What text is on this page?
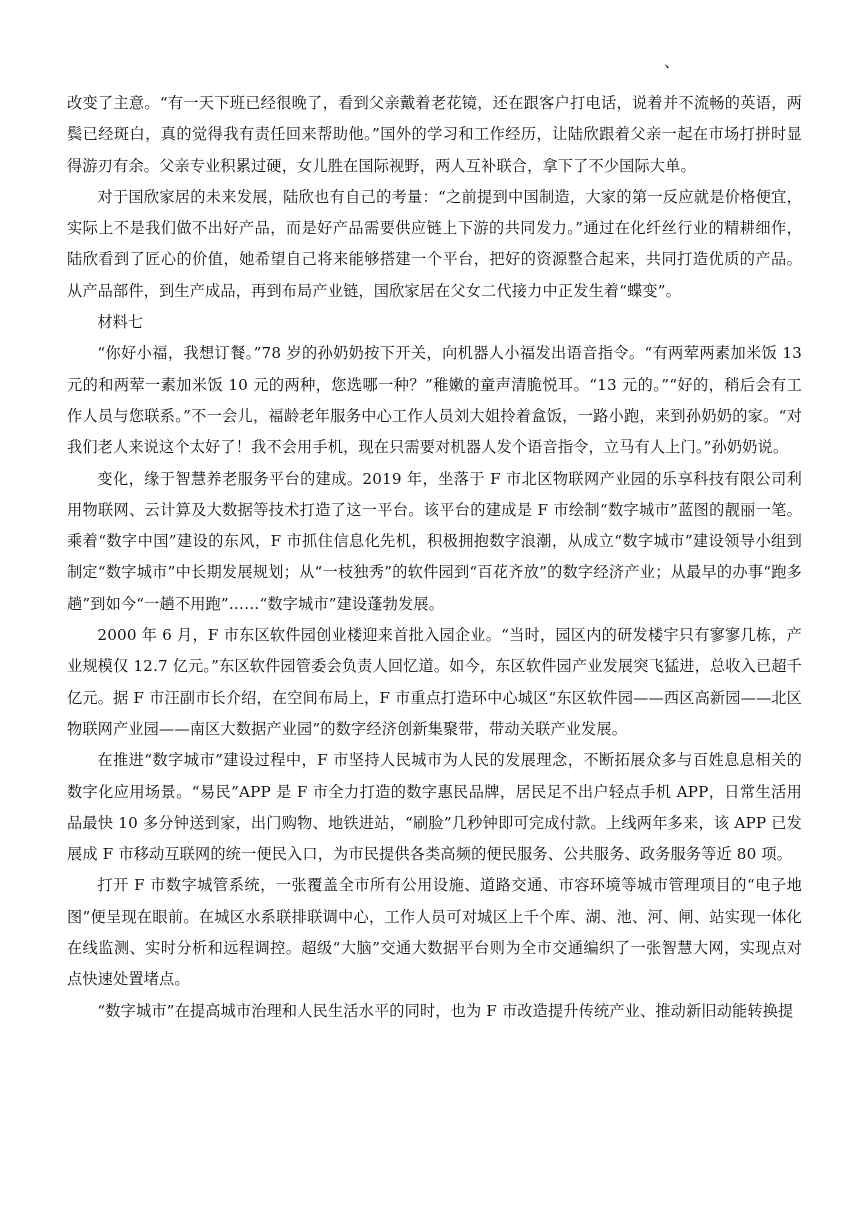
、

改变了主意。“有一天下班已经很晚了，看到父亲戴着老花镜，还在跟客户打电话，说着并不流畅的英语，两鬓已经斑白，真的觉得我有责任回来帮助他。”国外的学习和工作经历，让陆欣跟着父亲一起在市场打拼时显得游刃有余。父亲专业积累过硬，女儿胜在国际视野，两人互补联合，拿下了不少国际大单。

对于国欣家居的未来发展，陆欣也有自己的考量：“之前提到中国制造，大家的第一反应就是价格便宜，实际上不是我们做不出好产品，而是好产品需要供应链上下游的共同发力。”通过在化纤丝行业的精耕细作，陆欣看到了匠心的价值，她希望自己将来能够搭建一个平台，把好的资源整合起来，共同打造优质的产品。从产品部件，到生产成品，再到布局产业链，国欣家居在父女二代接力中正发生着“蝶变”。

材料七

“你好小福，我想订餐。”78 岁的孙奶奶按下开关，向机器人小福发出语音指令。“有两荤两素加米饭 13 元的和两荤一素加米饭 10 元的两种，您选哪一种？”稚嫩的童声清脆悦耳。“13 元的。”“好的，稍后会有工作人员与您联系。”不一会儿，福龄老年服务中心工作人员刘大姐拎着盒饭，一路小跑，来到孙奶奶的家。“对我们老人来说这个太好了！我不会用手机，现在只需要对机器人发个语音指令，立马有人上门。”孙奶奶说。

变化，缘于智慧养老服务平台的建成。2019 年，坐落于 F 市北区物联网产业园的乐享科技有限公司利用物联网、云计算及大数据等技术打造了这一平台。该平台的建成是 F 市绘制“数字城市”蓝图的靓丽一笔。乘着“数字中国”建设的东风，F 市抓住信息化先机，积极拥抱数字浪潮，从成立“数字城市”建设领导小组到制定“数字城市”中长期发展规划；从“一枝独秀”的软件园到“百花齐放”的数字经济产业；从最早的办事“跑多趟”到如今“一趟不用跑”……“数字城市”建设蓬勃发展。

2000 年 6 月，F 市东区软件园创业楼迎来首批入园企业。“当时，园区内的研发楼宇只有寥寥几栋，产业规模仅 12.7 亿元。”东区软件园管委会负责人回忆道。如今，东区软件园产业发展突飞猛进，总收入已超千亿元。据 F 市汪副市长介绍，在空间布局上，F 市重点打造环中心城区“东区软件园——西区高新园——北区物联网产业园——南区大数据产业园”的数字经济创新集聚带，带动关联产业发展。

在推进“数字城市”建设过程中，F 市坚持人民城市为人民的发展理念，不断拓展众多与百姓息息相关的数字化应用场景。“易民”APP 是 F 市全力打造的数字惠民品牌，居民足不出户轻点手机 APP，日常生活用品最快 10 多分钟送到家，出门购物、地铁进站，“刷脸”几秒钟即可完成付款。上线两年多来，该 APP 已发展成 F 市移动互联网的统一便民入口，为市民提供各类高频的便民服务、公共服务、政务服务等近 80 项。

打开 F 市数字城管系统，一张覆盖全市所有公用设施、道路交通、市容环境等城市管理项目的“电子地图”便呈现在眼前。在城区水系联排联调中心，工作人员可对城区上千个库、湖、池、河、闸、站实现一体化在线监测、实时分析和远程调控。超级“大脑”交通大数据平台则为全市交通编织了一张智慧大网，实现点对点快速处置堵点。

“数字城市”在提高城市治理和人民生活水平的同时，也为 F 市改造提升传统产业、推动新旧动能转换提
